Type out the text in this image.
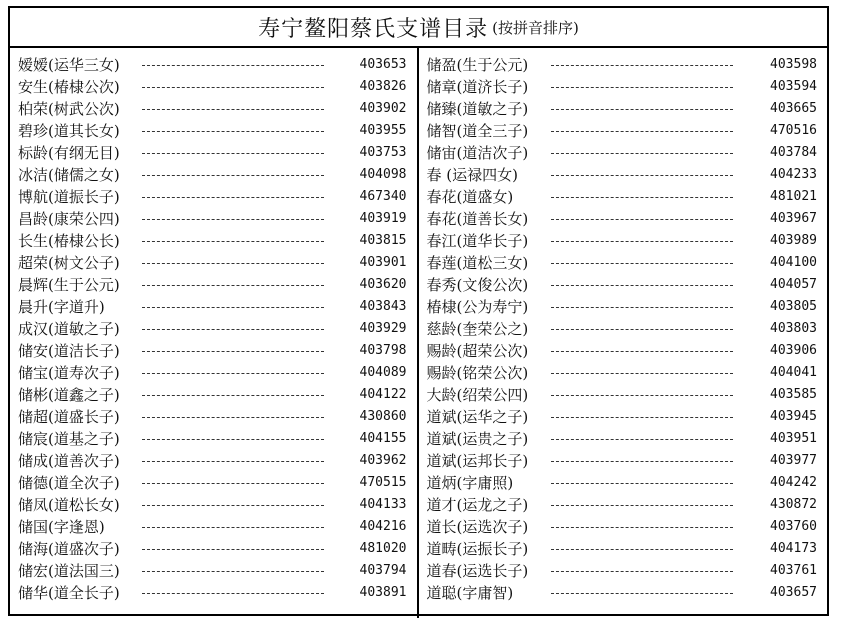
寿宁鳌阳蔡氏支谱目录 (按拼音排序)
嫒嫒(运华三女)	403653
安生(椿棣公次)	403826
柏荣(树武公次)	403902
碧珍(道其长女)	403955
标龄(有纲无目)	403753
冰洁(储儒之女)	404098
博航(道振长子)	467340
昌龄(康荣公四)	403919
长生(椿棣公长)	403815
超荣(树文公子)	403901
晨辉(生于公元)	403620
晨升(字道升)	403843
成汉(道敏之子)	403929
储安(道洁长子)	403798
储宝(道寿次子)	404089
储彬(道鑫之子)	404122
储超(道盛长子)	430860
储宸(道基之子)	404155
储成(道善次子)	403962
储德(道全次子)	470515
储凤(道松长女)	404133
储国(字逢恩)	404216
储海(道盛次子)	481020
储宏(道法国三)	403794
储华(道全长子)	403891
储盈(生于公元)	403598
储章(道济长子)	403594
储臻(道敏之子)	403665
储智(道全三子)	470516
储宙(道洁次子)	403784
春 (运禄四女)	404233
春花(道盛女)	481021
春花(道善长女)	403967
春江(道华长子)	403989
春莲(道松三女)	404100
春秀(文俊公次)	404057
椿棣(公为寿宁)	403805
慈龄(奎荣公之)	403803
赐龄(超荣公次)	403906
赐龄(铭荣公次)	404041
大龄(绍荣公四)	403585
道斌(运华之子)	403945
道斌(运贵之子)	403951
道斌(运邦长子)	403977
道炳(字庸照)	404242
道才(运龙之子)	430872
道长(运选次子)	403760
道畴(运振长子)	404173
道春(运选长子)	403761
道聪(字庸智)	403657
